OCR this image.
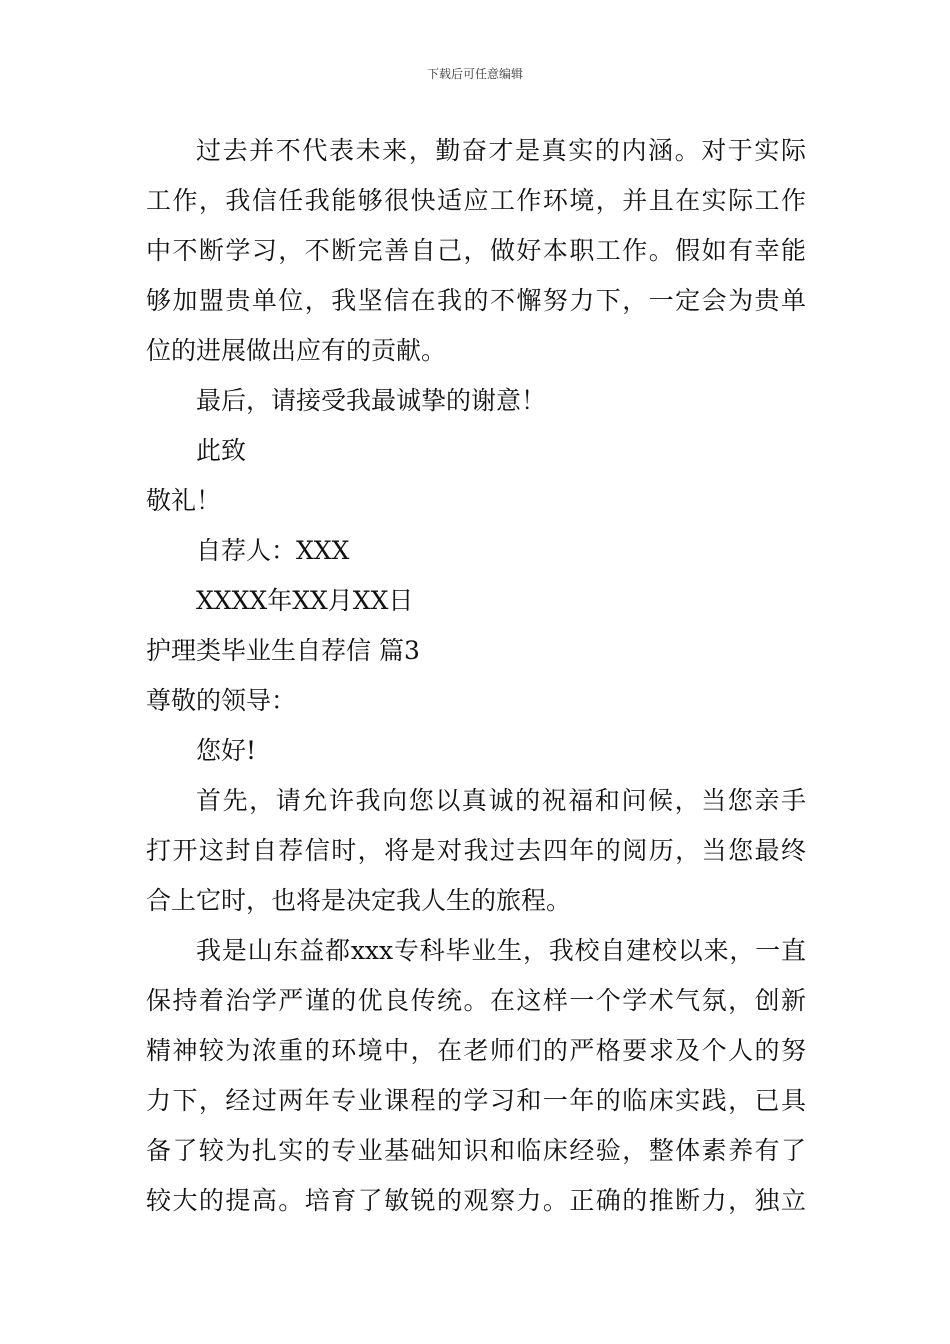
下载后可任意编辑
过去并不代表未来，勤奋才是真实的内涵。对于实际
工作，我信任我能够很快适应工作环境，并且在实际工作
中不断学习，不断完善自己，做好本职工作。假如有幸能
够加盟贵单位，我坚信在我的不懈努力下，一定会为贵单
位的进展做出应有的贡献。
最后，请接受我最诚挚的谢意！
此致
敬礼！
自荐人：XXX
XXXX年XX月XX日
护理类毕业生自荐信 篇3
尊敬的领导：
您好!
首先，请允许我向您以真诚的祝福和问候，当您亲手
打开这封自荐信时，将是对我过去四年的阅历，当您最终
合上它时，也将是决定我人生的旅程。
我是山东益都xxx专科毕业生，我校自建校以来，一直
保持着治学严谨的优良传统。在这样一个学术气氛，创新
精神较为浓重的环境中，在老师们的严格要求及个人的努
力下，经过两年专业课程的学习和一年的临床实践，已具
备了较为扎实的专业基础知识和临床经验，整体素养有了
较大的提高。培育了敏锐的观察力。正确的推断力，独立
